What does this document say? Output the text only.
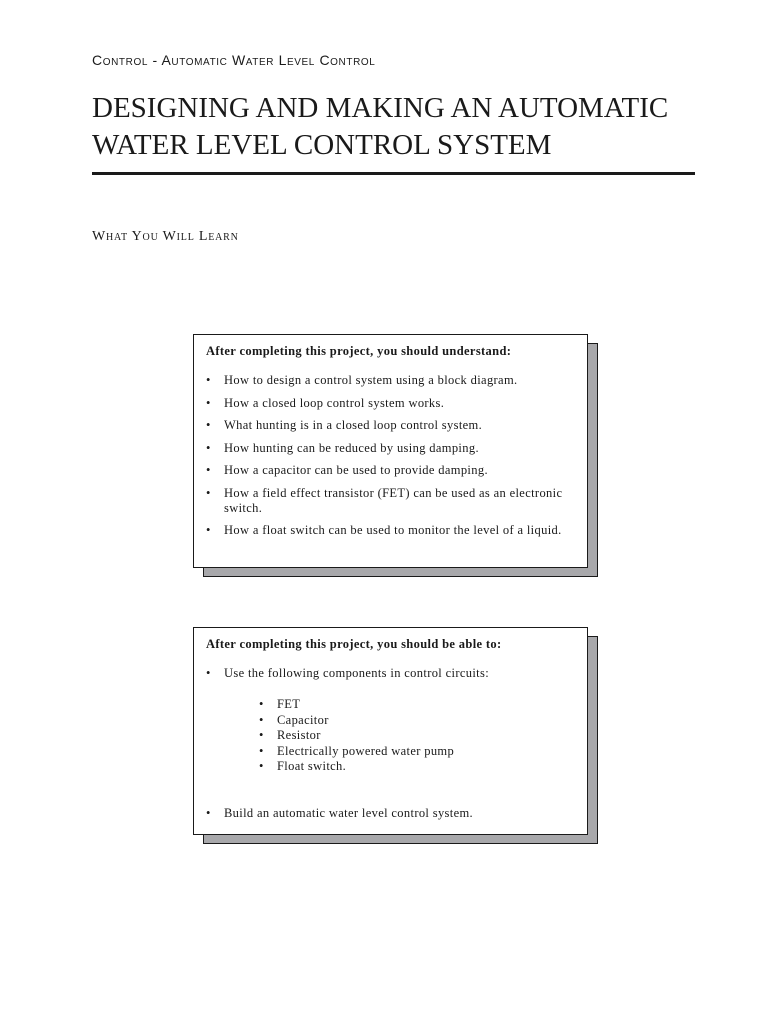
Control - Automatic Water Level Control
DESIGNING AND MAKING AN AUTOMATIC
WATER LEVEL CONTROL SYSTEM
What You Will Learn

After completing this project, you should understand:

• How to design a control system using a block diagram.
• How a closed loop control system works.
• What hunting is in a closed loop control system.
• How hunting can be reduced by using damping.
• How a capacitor can be used to provide damping.
• How a field effect transistor (FET) can be used as an electronic switch.
• How a float switch can be used to monitor the level of a liquid.

After completing this project, you should be able to:

• Use the following components in control circuits:
• FET
• Capacitor
• Resistor
• Electrically powered water pump
• Float switch.
• Build an automatic water level control system.
